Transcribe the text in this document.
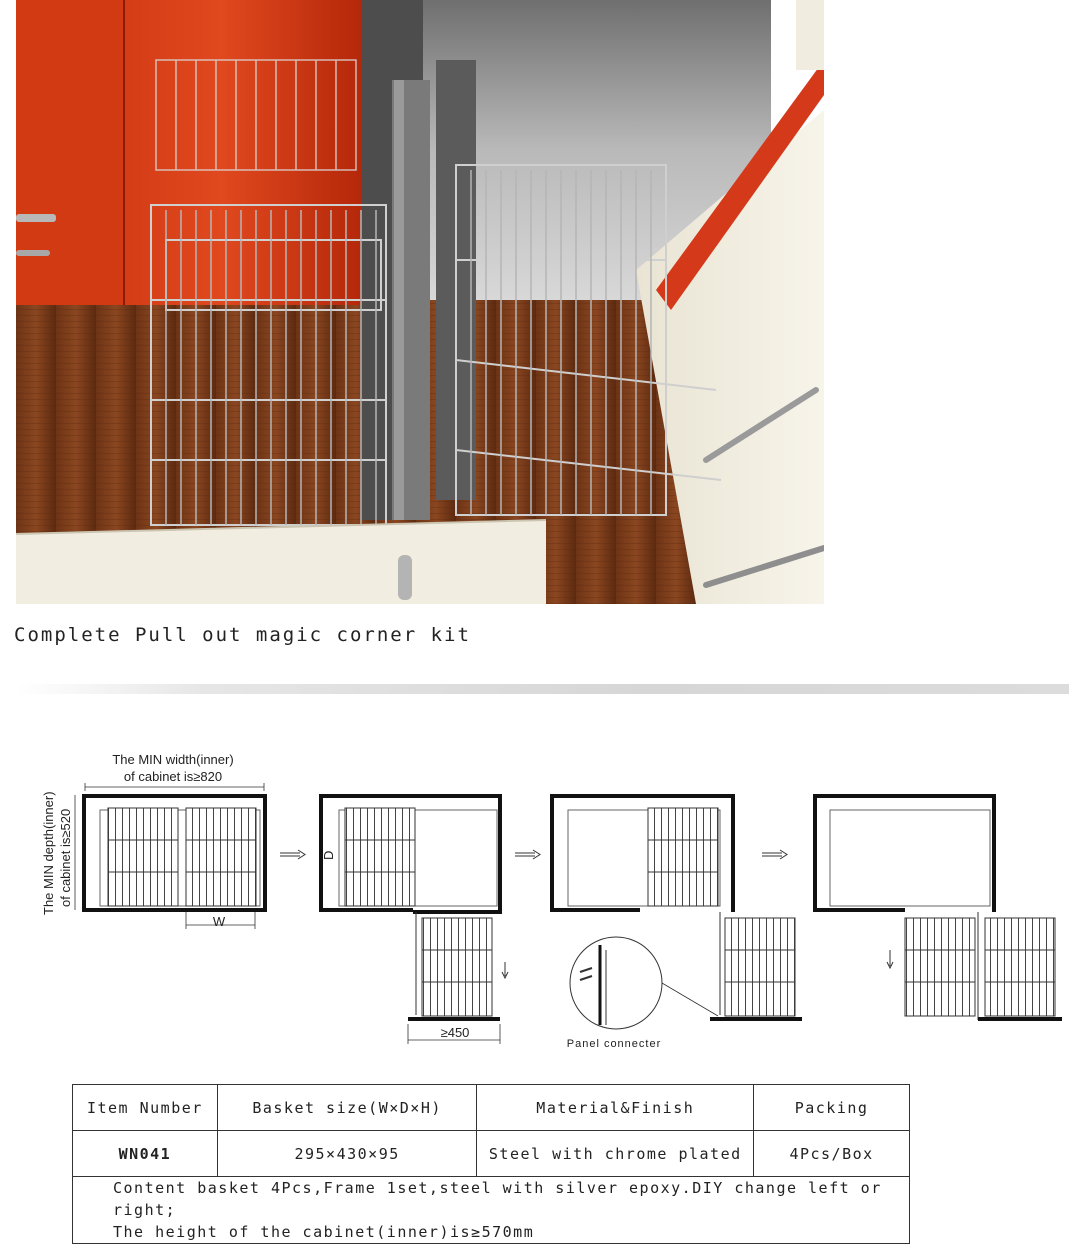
Complete Pull out magic corner kit
The MIN width(inner)
of cabinet is≥820
The MIN depth(inner) of cabinet is≥520
W
D
≥450
Panel connecter
Item Number	Basket size(W×D×H)	Material&Finish	Packing
WN041	295×430×95	Steel with chrome plated	4Pcs/Box

Content basket 4Pcs,Frame 1set,steel with silver epoxy.DIY change left or right;
The height of the cabinet(inner)is≥570mm			
